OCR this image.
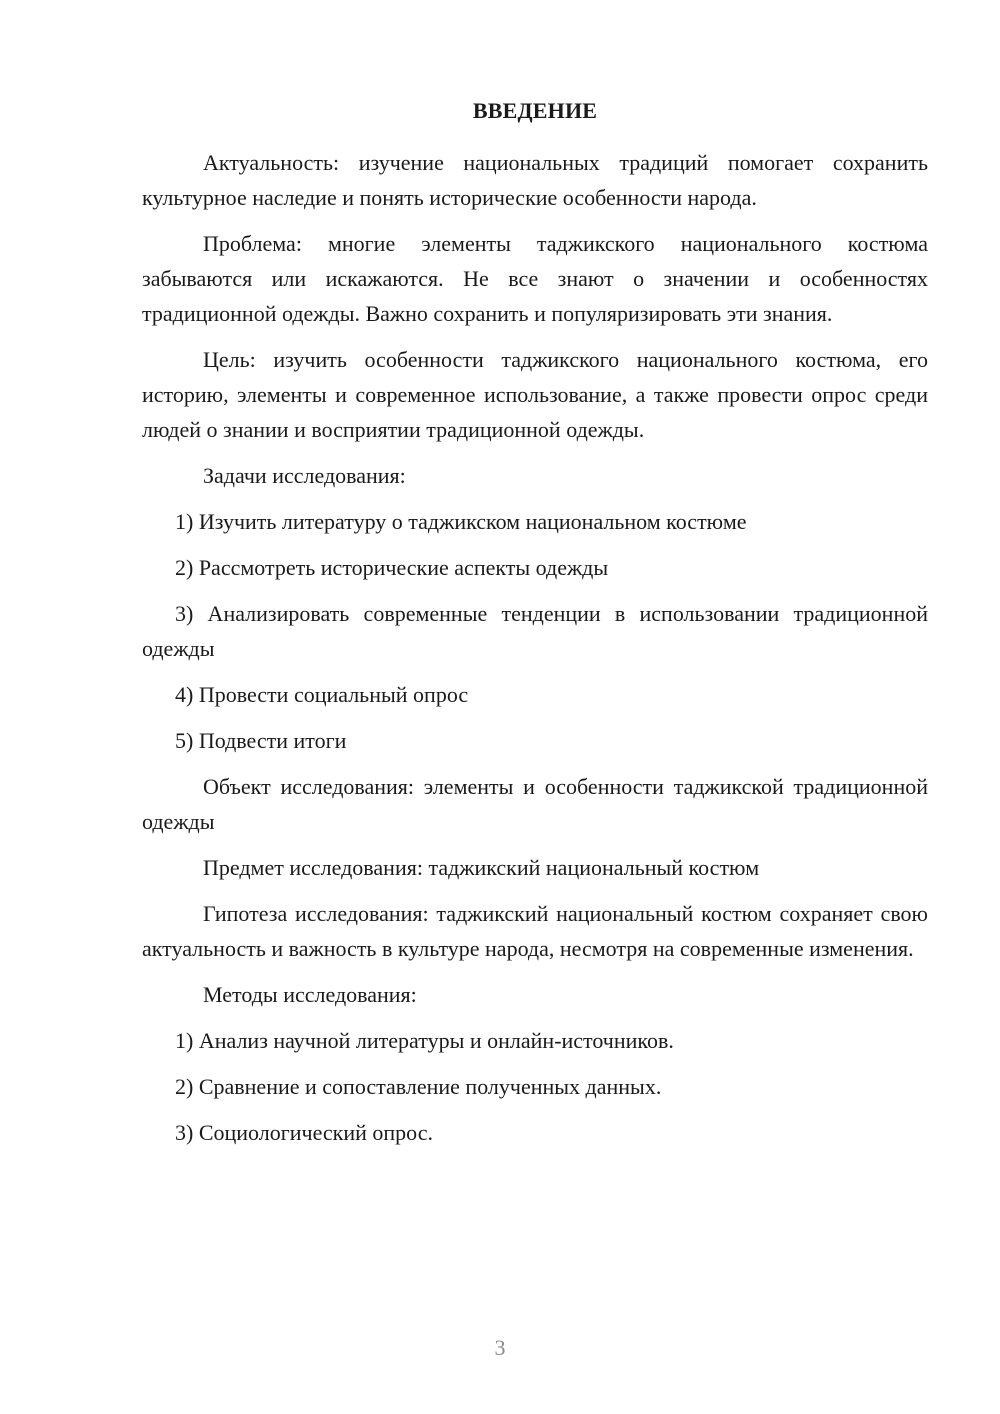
ВВЕДЕНИЕ

Актуальность: изучение национальных традиций помогает сохранить культурное наследие и понять исторические особенности народа.

Проблема: многие элементы таджикского национального костюма забываются или искажаются. Не все знают о значении и особенностях традиционной одежды. Важно сохранить и популяризировать эти знания.

Цель: изучить особенности таджикского национального костюма, его историю, элементы и современное использование, а также провести опрос среди людей о знании и восприятии традиционной одежды.

Задачи исследования:

1) Изучить литературу о таджикском национальном костюме

2) Рассмотреть исторические аспекты одежды

3) Анализировать современные тенденции в использовании традиционной одежды

4) Провести социальный опрос

5) Подвести итоги

Объект исследования: элементы и особенности таджикской традиционной одежды

Предмет исследования: таджикский национальный костюм

Гипотеза исследования: таджикский национальный костюм сохраняет свою актуальность и важность в культуре народа, несмотря на современные изменения.

Методы исследования:

1) Анализ научной литературы и онлайн-источников.

2) Сравнение и сопоставление полученных данных.

3) Социологический опрос.

3
